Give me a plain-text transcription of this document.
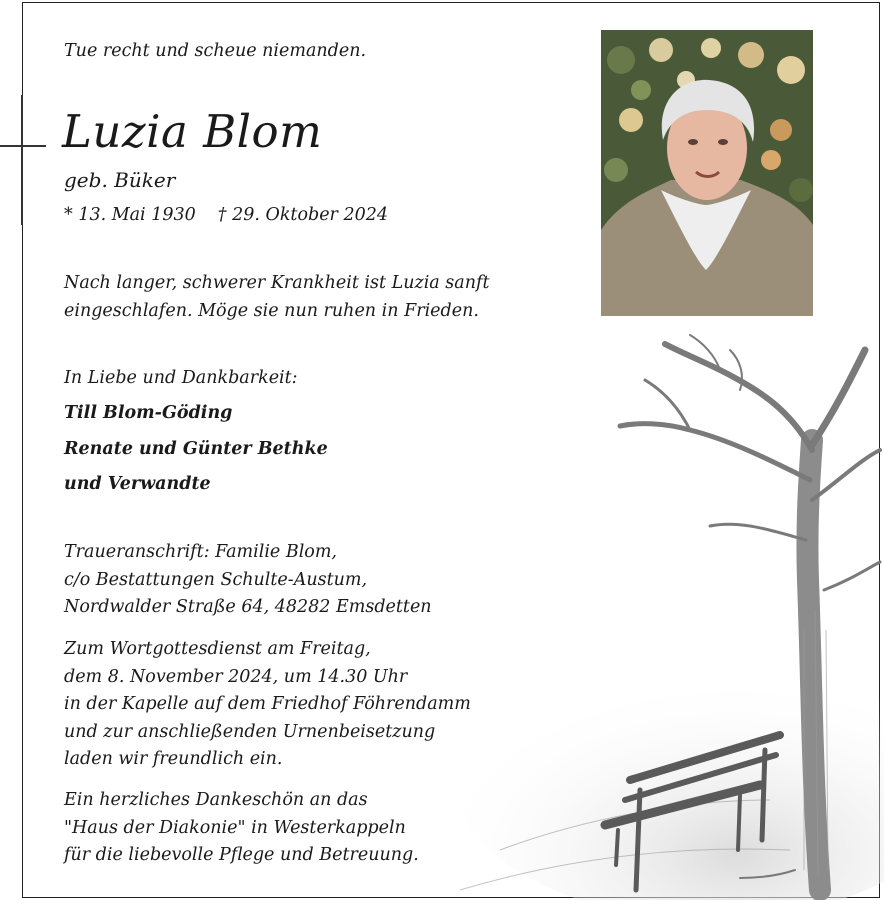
Tue recht und scheue niemanden.
Luzia Blom
geb. Büker
* 13. Mai 1930 † 29. Oktober 2024
Nach langer, schwerer Krankheit ist Luzia sanft
eingeschlafen. Möge sie nun ruhen in Frieden.
In Liebe und Dankbarkeit:
Till Blom-Göding
Renate und Günter Bethke
und Verwandte
Traueranschrift: Familie Blom,
c/o Bestattungen Schulte-Austum,
Nordwalder Straße 64, 48282 Emsdetten
Zum Wortgottesdienst am Freitag,
dem 8. November 2024, um 14.30 Uhr
in der Kapelle auf dem Friedhof Föhrendamm
und zur anschließenden Urnenbeisetzung
laden wir freundlich ein.
Ein herzliches Dankeschön an das
"Haus der Diakonie" in Westerkappeln
für die liebevolle Pflege und Betreuung.
